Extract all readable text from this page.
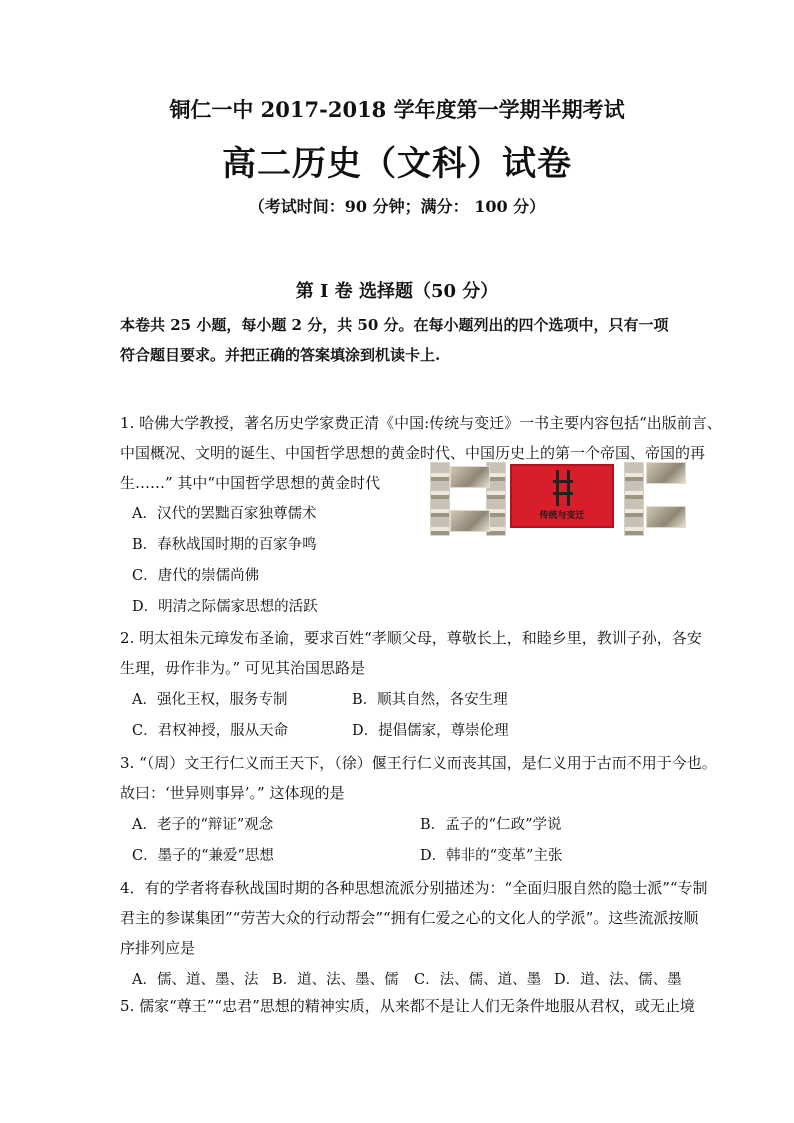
铜仁一中 2017-2018 学年度第一学期半期考试
高二历史（文科）试卷
（考试时间：90 分钟；满分： 100 分）
第 I 卷 选择题（50 分）
本卷共 25 小题，每小题 2 分，共 50 分。在每小题列出的四个选项中，只有一项符合题目要求。并把正确的答案填涂到机读卡上.
1. 哈佛大学教授，著名历史学家费正清《中国:传统与变迁》一书主要内容包括“出版前言、
中国概况、文明的诞生、中国哲学思想的黄金时代、中国历史上的第一个帝国、帝国的再
生……” 其中“中国哲学思想的黄金时代
A．汉代的罢黜百家独尊儒术
B．春秋战国时期的百家争鸣
C．唐代的崇儒尚佛
D．明清之际儒家思想的活跃
传统与变迁
2. 明太祖朱元璋发布圣谕，要求百姓“孝顺父母，尊敬长上，和睦乡里，教训子孙，各安
生理，毋作非为。” 可见其治国思路是
A．强化王权，服务专制	B．顺其自然，各安生理
C．君权神授，服从天命	D．提倡儒家，尊崇伦理
3. “（周）文王行仁义而王天下，（徐）偃王行仁义而丧其国，是仁义用于古而不用于今也。
故曰：‘世异则事异’。” 这体现的是
A．老子的“辩证”观念	B．孟子的“仁政”学说
C．墨子的“兼爱”思想	D．韩非的“变革”主张
4．有的学者将春秋战国时期的各种思想流派分别描述为：“全面归服自然的隐士派”“专制
君主的参谋集团”“劳苦大众的行动帮会”“拥有仁爱之心的文化人的学派”。这些流派按顺
序排列应是
A．儒、道、墨、法 B．道、法、墨、儒 C．法、儒、道、墨 D．道、法、儒、墨
5. 儒家“尊王”“忠君”思想的精神实质，从来都不是让人们无条件地服从君权，或无止境
